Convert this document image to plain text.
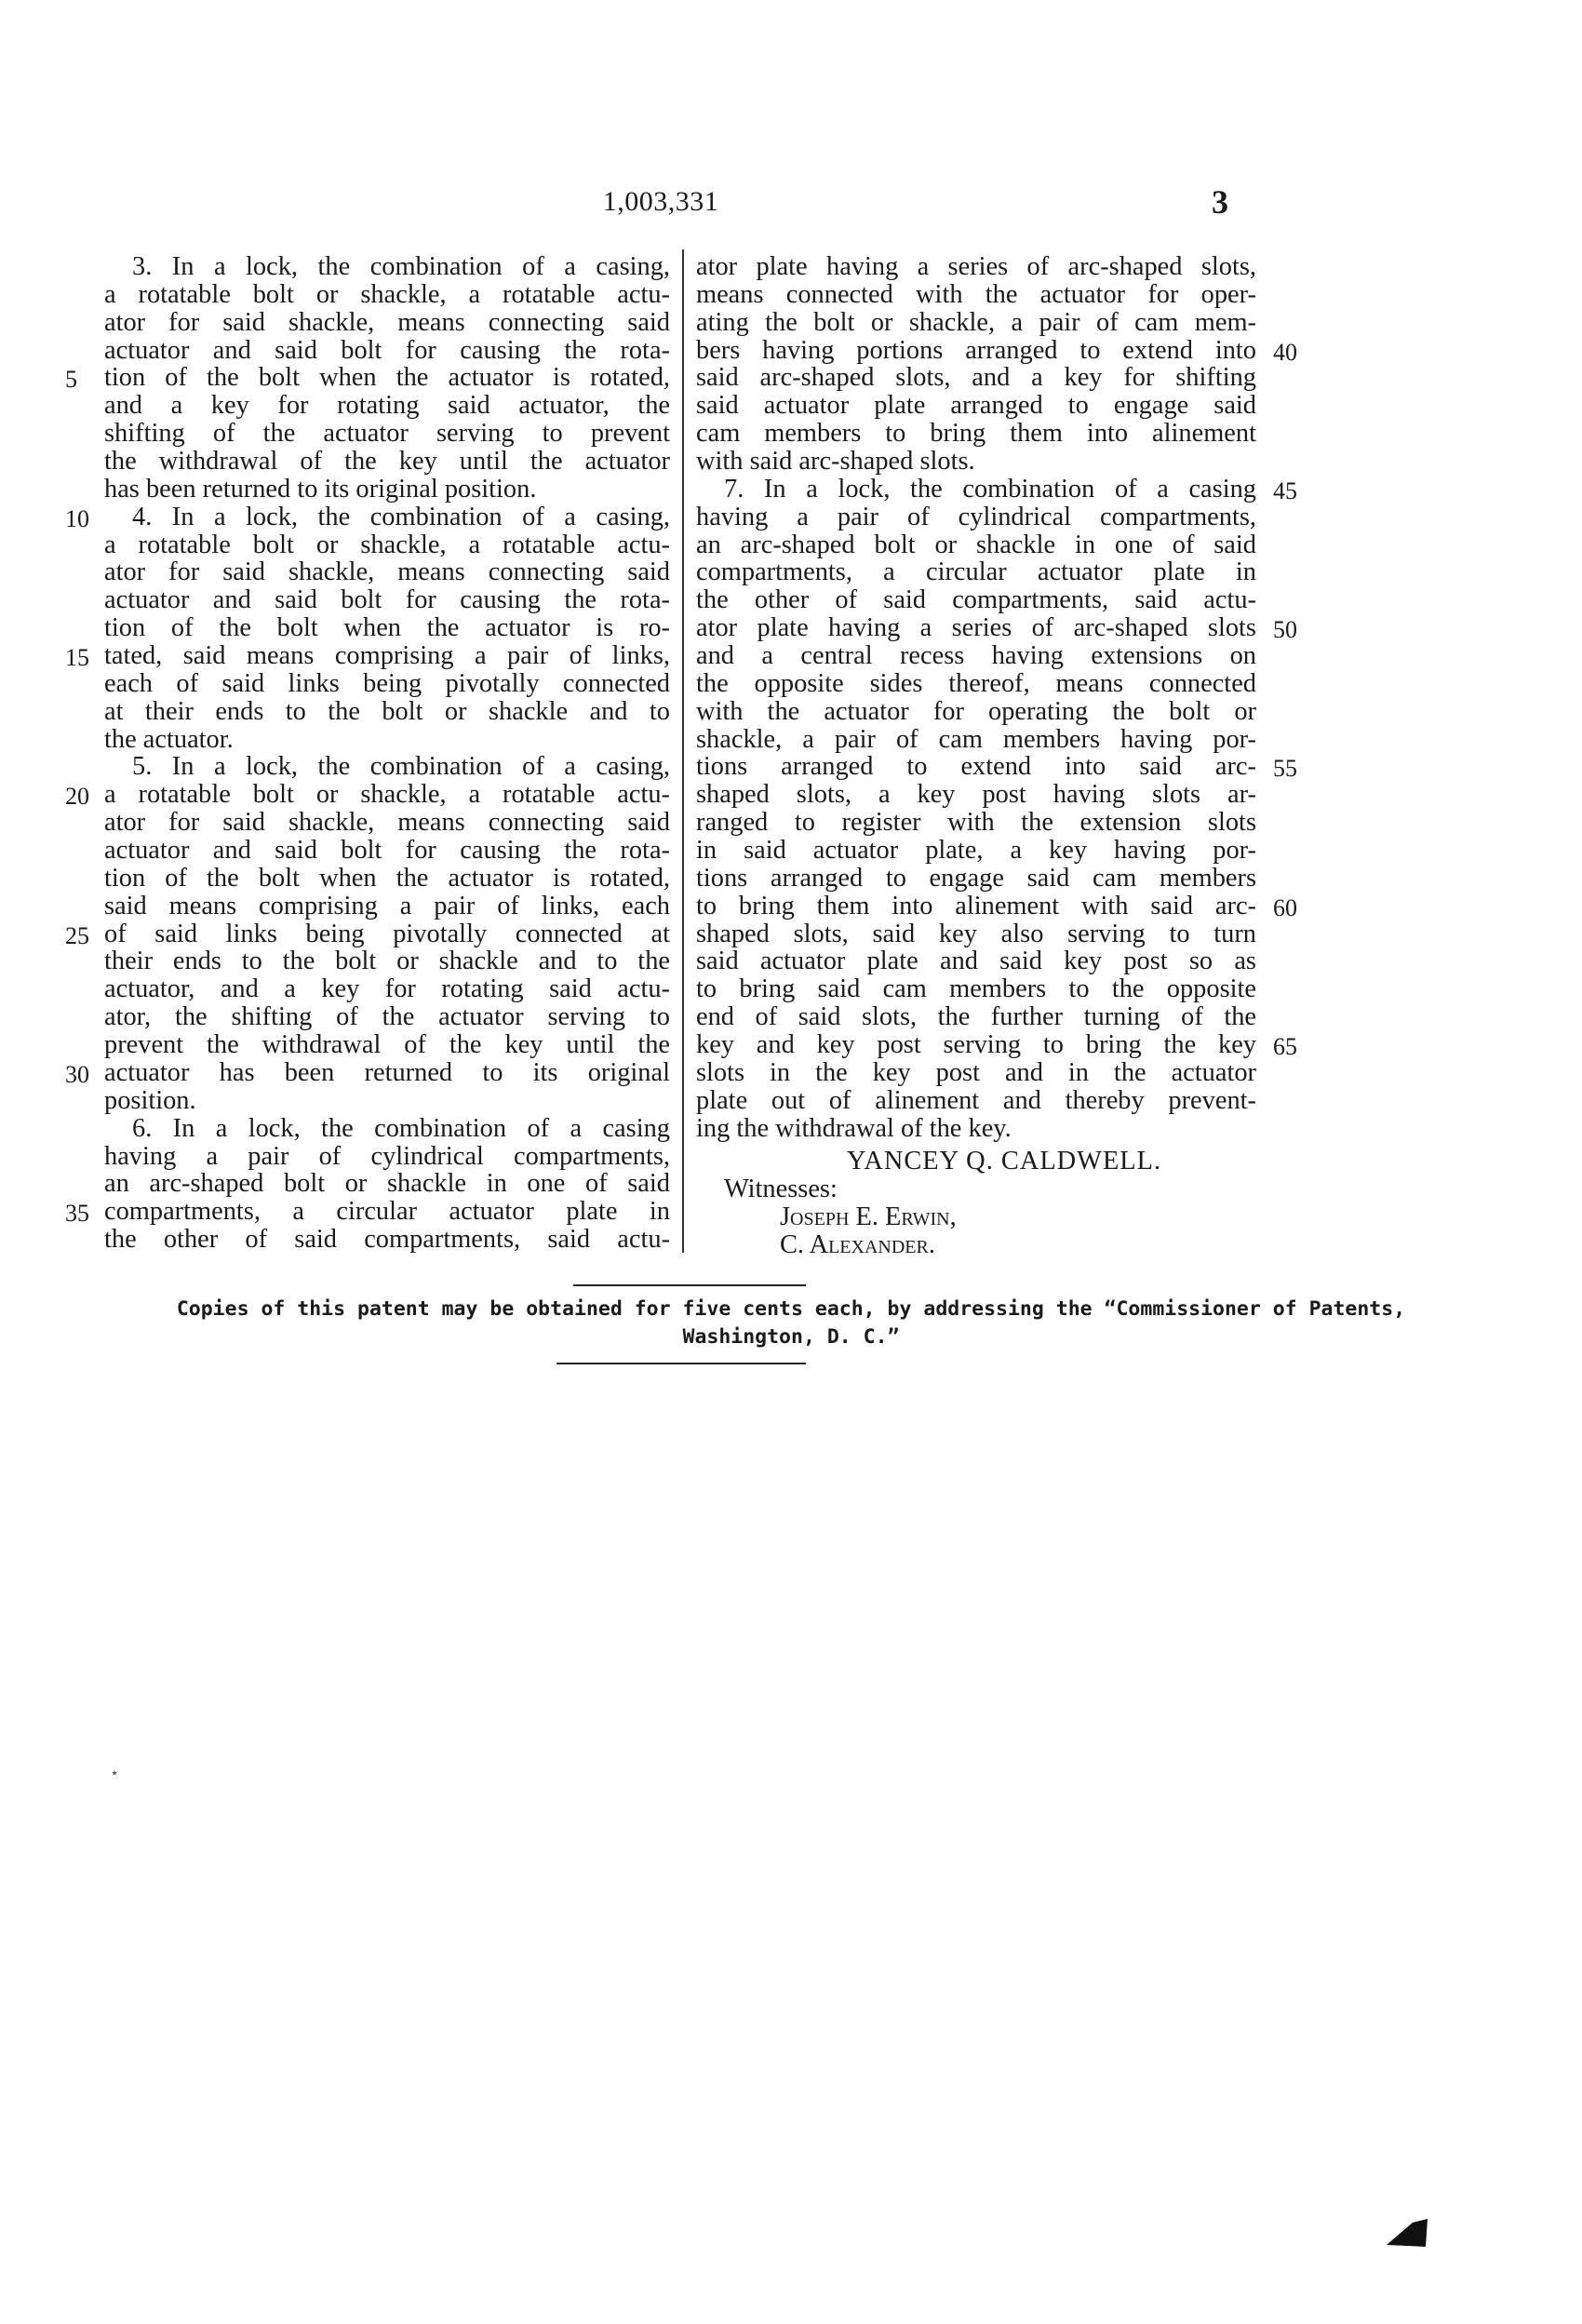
1,003,331	3
3. In a lock, the combination of a casing,
a rotatable bolt or shackle, a rotatable actu-
ator for said shackle, means connecting said
actuator and said bolt for causing the rota-
tion of the bolt when the actuator is rotated,
and a key for rotating said actuator, the
shifting of the actuator serving to prevent
the withdrawal of the key until the actuator
has been returned to its original position.
4. In a lock, the combination of a casing,
a rotatable bolt or shackle, a rotatable actu-
ator for said shackle, means connecting said
actuator and said bolt for causing the rota-
tion of the bolt when the actuator is ro-
tated, said means comprising a pair of links,
each of said links being pivotally connected
at their ends to the bolt or shackle and to
the actuator.
5. In a lock, the combination of a casing,
a rotatable bolt or shackle, a rotatable actu-
ator for said shackle, means connecting said
actuator and said bolt for causing the rota-
tion of the bolt when the actuator is rotated,
said means comprising a pair of links, each
of said links being pivotally connected at
their ends to the bolt or shackle and to the
actuator, and a key for rotating said actu-
ator, the shifting of the actuator serving to
prevent the withdrawal of the key until the
actuator has been returned to its original
position.
6. In a lock, the combination of a casing
having a pair of cylindrical compartments,
an arc-shaped bolt or shackle in one of said
compartments, a circular actuator plate in
the other of said compartments, said actu-
ator plate having a series of arc-shaped slots,
means connected with the actuator for oper-
ating the bolt or shackle, a pair of cam mem-
bers having portions arranged to extend into
said arc-shaped slots, and a key for shifting
said actuator plate arranged to engage said
cam members to bring them into alinement
with said arc-shaped slots.
7. In a lock, the combination of a casing
having a pair of cylindrical compartments,
an arc-shaped bolt or shackle in one of said
compartments, a circular actuator plate in
the other of said compartments, said actu-
ator plate having a series of arc-shaped slots
and a central recess having extensions on
the opposite sides thereof, means connected
with the actuator for operating the bolt or
shackle, a pair of cam members having por-
tions arranged to extend into said arc-
shaped slots, a key post having slots ar-
ranged to register with the extension slots
in said actuator plate, a key having por-
tions arranged to engage said cam members
to bring them into alinement with said arc-
shaped slots, said key also serving to turn
said actuator plate and said key post so as
to bring said cam members to the opposite
end of said slots, the further turning of the
key and key post serving to bring the key
slots in the key post and in the actuator
plate out of alinement and thereby prevent-
ing the withdrawal of the key.
5
10
15
20
25
30
35
40
45
50
55
60
65
YANCEY Q. CALDWELL.
Witnesses:
Joseph E. Erwin,
C. Alexander.
Copies of this patent may be obtained for five cents each, by addressing the “Commissioner of Patents,
Washington, D. C.”
⋆
